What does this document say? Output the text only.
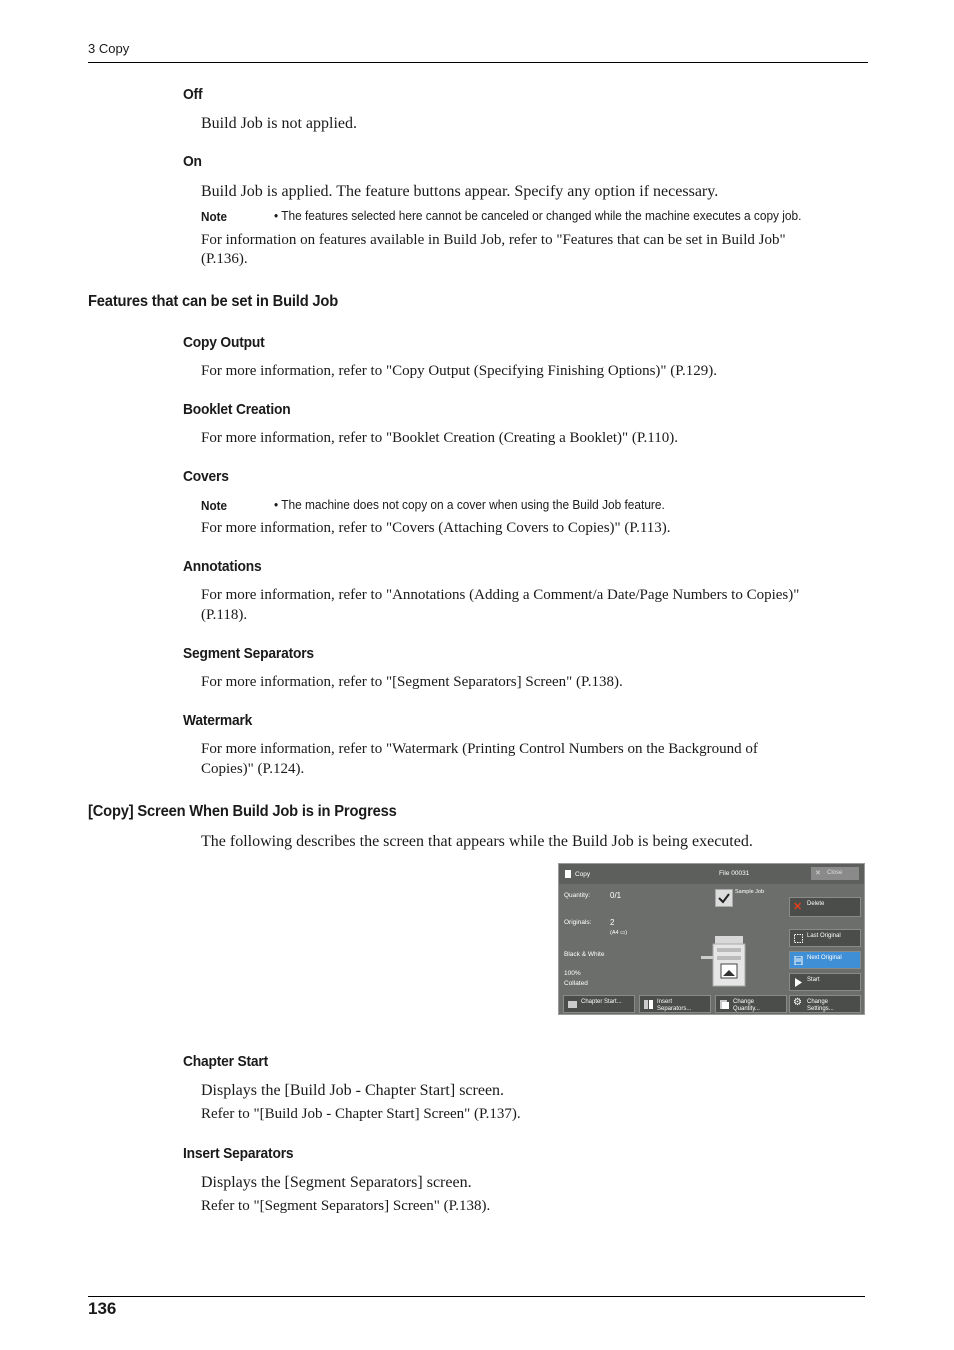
3 Copy
Off
Build Job is not applied.
On
Build Job is applied. The feature buttons appear. Specify any option if necessary.
Note	• The features selected here cannot be canceled or changed while the machine executes a copy job.
For information on features available in Build Job, refer to "Features that can be set in Build Job"
(P.136).
Features that can be set in Build Job
Copy Output
For more information, refer to "Copy Output (Specifying Finishing Options)" (P.129).
Booklet Creation
For more information, refer to "Booklet Creation (Creating a Booklet)" (P.110).
Covers
Note	• The machine does not copy on a cover when using the Build Job feature.
For more information, refer to "Covers (Attaching Covers to Copies)" (P.113).
Annotations
For more information, refer to "Annotations (Adding a Comment/a Date/Page Numbers to Copies)"
(P.118).
Segment Separators
For more information, refer to "[Segment Separators] Screen" (P.138).
Watermark
For more information, refer to "Watermark (Printing Control Numbers on the Background of
Copies)" (P.124).
[Copy] Screen When Build Job is in Progress
The following describes the screen that appears while the Build Job is being executed.
Copy	File 00031	✕ Close
Quantity: 0/1
Originals: 2
(A4 ▭)
Black & White
100%
Collated
Sample Job
✕ Delete
Last Original
Next Original
Start
Chapter Start...	Insert
Separators...
Change
Quantity...
⚙ Change
Settings...
Chapter Start
Displays the [Build Job - Chapter Start] screen.
Refer to "[Build Job - Chapter Start] Screen" (P.137).
Insert Separators
Displays the [Segment Separators] screen.
Refer to "[Segment Separators] Screen" (P.138).
136
